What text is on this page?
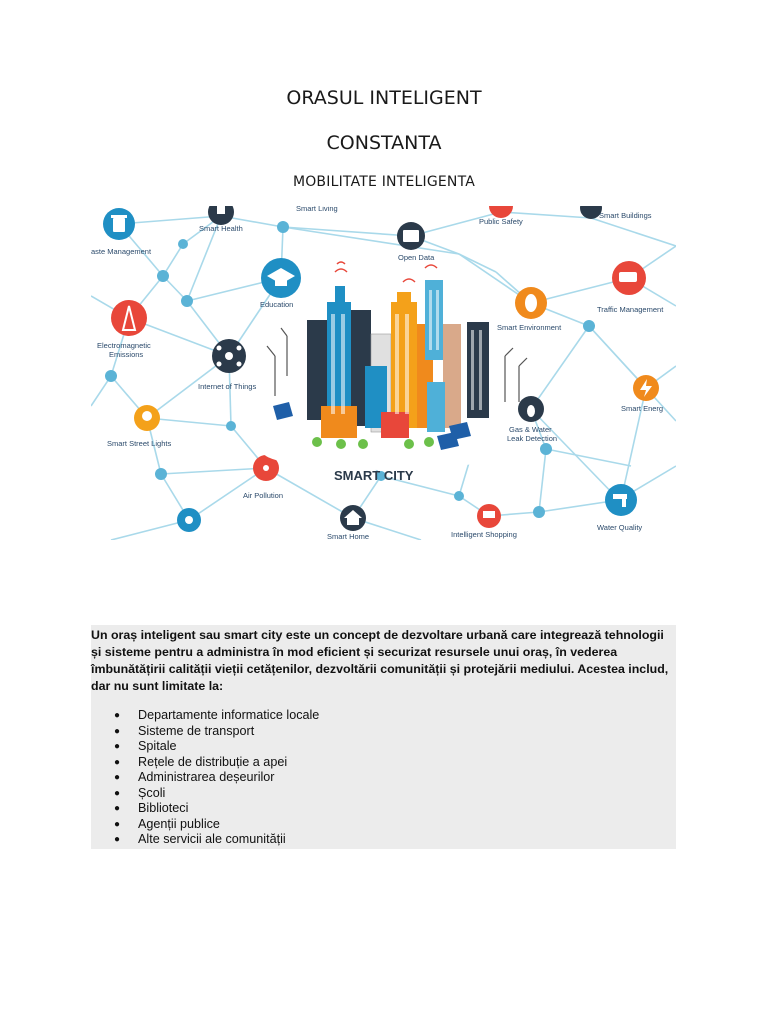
ORASUL INTELIGENT
CONSTANTA
MOBILITATE INTELIGENTA
Smart Living
Public Safety
Smart Buildings
aste Management
Smart Health
Open Data
Education
Traffic Management
Smart Environment
Electromagnetic
Emissions
Internet of Things
Smart Energ
Smart Street Lights
Gas & Water
Leak Detection
Air Pollution
Smart Home	Intelligent Shopping
Water Quality
SMART CITY

Un oraș inteligent sau smart city este un concept de dezvoltare urbană care integrează tehnologii și sisteme pentru a administra în mod eficient și securizat resursele unui oraș, în vederea îmbunătățirii calității vieții cetățenilor, dezvoltării comunității și protejării mediului. Acestea includ, dar nu sunt limitate la:

● Departamente informatice locale
● Sisteme de transport
● Spitale
● Rețele de distribuție a apei
● Administrarea deșeurilor
● Școli
● Biblioteci
● Agenții publice
● Alte servicii ale comunității
